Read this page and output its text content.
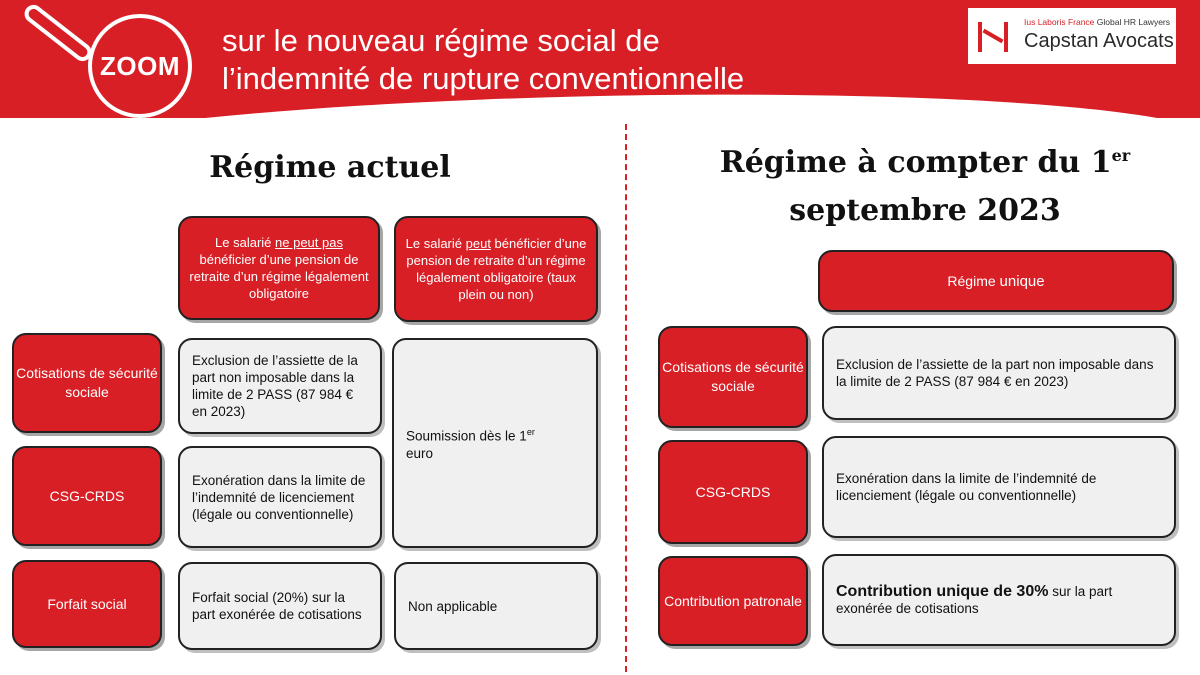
ZOOM
sur le nouveau régime social de
l’indemnité de rupture conventionnelle
Ius Laboris France Global HR Lawyers
Capstan Avocats
Régime actuel
Le salarié ne peut pas bénéficier d’une pension de retraite d’un régime légalement obligatoire
Le salarié peut bénéficier d’une pension de retraite d’un régime légalement obligatoire (taux plein ou non)
Cotisations de sécurité sociale
Exclusion de l’assiette de la part non imposable dans la limite de 2 PASS (87 984 € en 2023)
Soumission dès le 1er
euro
CSG-CRDS
Exonération dans la limite de l’indemnité de licenciement (légale ou conventionnelle)
Forfait social	Forfait social (20%) sur la part exonérée de cotisations
Non applicable
Régime à compter du 1er
septembre 2023
Régime unique
Cotisations de sécurité sociale
Exclusion de l’assiette de la part non imposable dans la limite de 2 PASS (87 984 € en 2023)
CSG-CRDS
Exonération dans la limite de l’indemnité de licenciement (légale ou conventionnelle)
Contribution patronale
Contribution unique de 30% sur la part exonérée de cotisations
